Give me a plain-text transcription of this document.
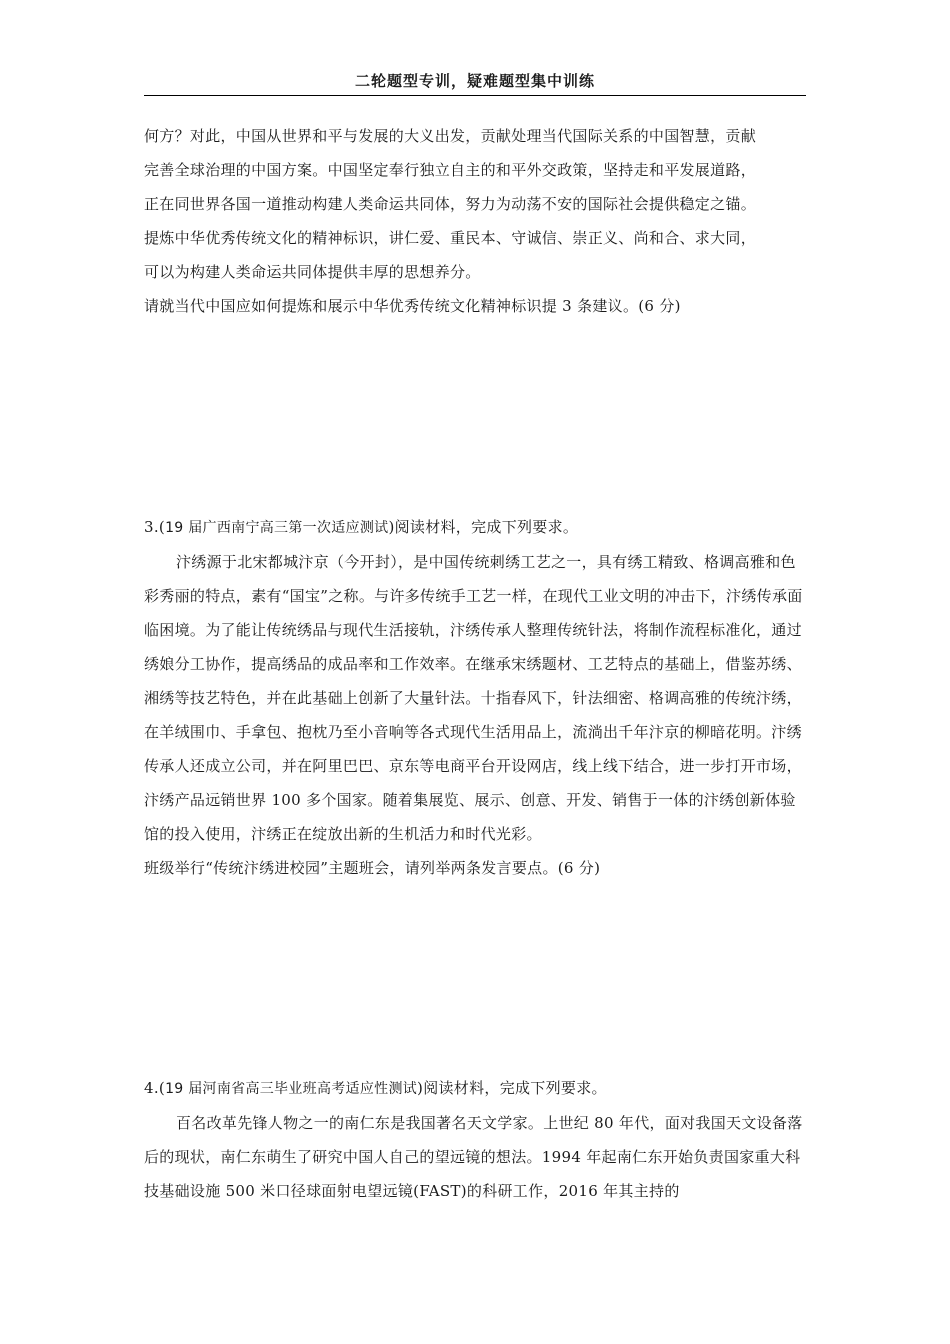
二轮题型专训，疑难题型集中训练

何方？对此，中国从世界和平与发展的大义出发，贡献处理当代国际关系的中国智慧，贡献

完善全球治理的中国方案。中国坚定奉行独立自主的和平外交政策，坚持走和平发展道路，

正在同世界各国一道推动构建人类命运共同体，努力为动荡不安的国际社会提供稳定之锚。

提炼中华优秀传统文化的精神标识，讲仁爱、重民本、守诚信、崇正义、尚和合、求大同，

可以为构建人类命运共同体提供丰厚的思想养分。

请就当代中国应如何提炼和展示中华优秀传统文化精神标识提 3 条建议。(6 分)

3.(19 届广西南宁高三第一次适应测试)阅读材料，完成下列要求。

汴绣源于北宋都城汴京（今开封），是中国传统刺绣工艺之一，具有绣工精致、格调高雅和色彩秀丽的特点，素有“国宝”之称。与许多传统手工艺一样，在现代工业文明的冲击下，汴绣传承面临困境。为了能让传统绣品与现代生活接轨，汴绣传承人整理传统针法，将制作流程标准化，通过绣娘分工协作，提高绣品的成品率和工作效率。在继承宋绣题材、工艺特点的基础上，借鉴苏绣、湘绣等技艺特色，并在此基础上创新了大量针法。十指春风下，针法细密、格调高雅的传统汴绣，在羊绒围巾、手拿包、抱枕乃至小音响等各式现代生活用品上，流淌出千年汴京的柳暗花明。汴绣传承人还成立公司，并在阿里巴巴、京东等电商平台开设网店，线上线下结合，进一步打开市场，汴绣产品远销世界 100 多个国家。随着集展览、展示、创意、开发、销售于一体的汴绣创新体验馆的投入使用，汴绣正在绽放出新的生机活力和时代光彩。

班级举行“传统汴绣进校园”主题班会，请列举两条发言要点。(6 分)

4.(19 届河南省高三毕业班高考适应性测试)阅读材料，完成下列要求。

百名改革先锋人物之一的南仁东是我国著名天文学家。上世纪 80 年代，面对我国天文设备落后的现状，南仁东萌生了研究中国人自己的望远镜的想法。1994 年起南仁东开始负责国家重大科技基础设施 500 米口径球面射电望远镜(FAST)的科研工作，2016 年其主持的
